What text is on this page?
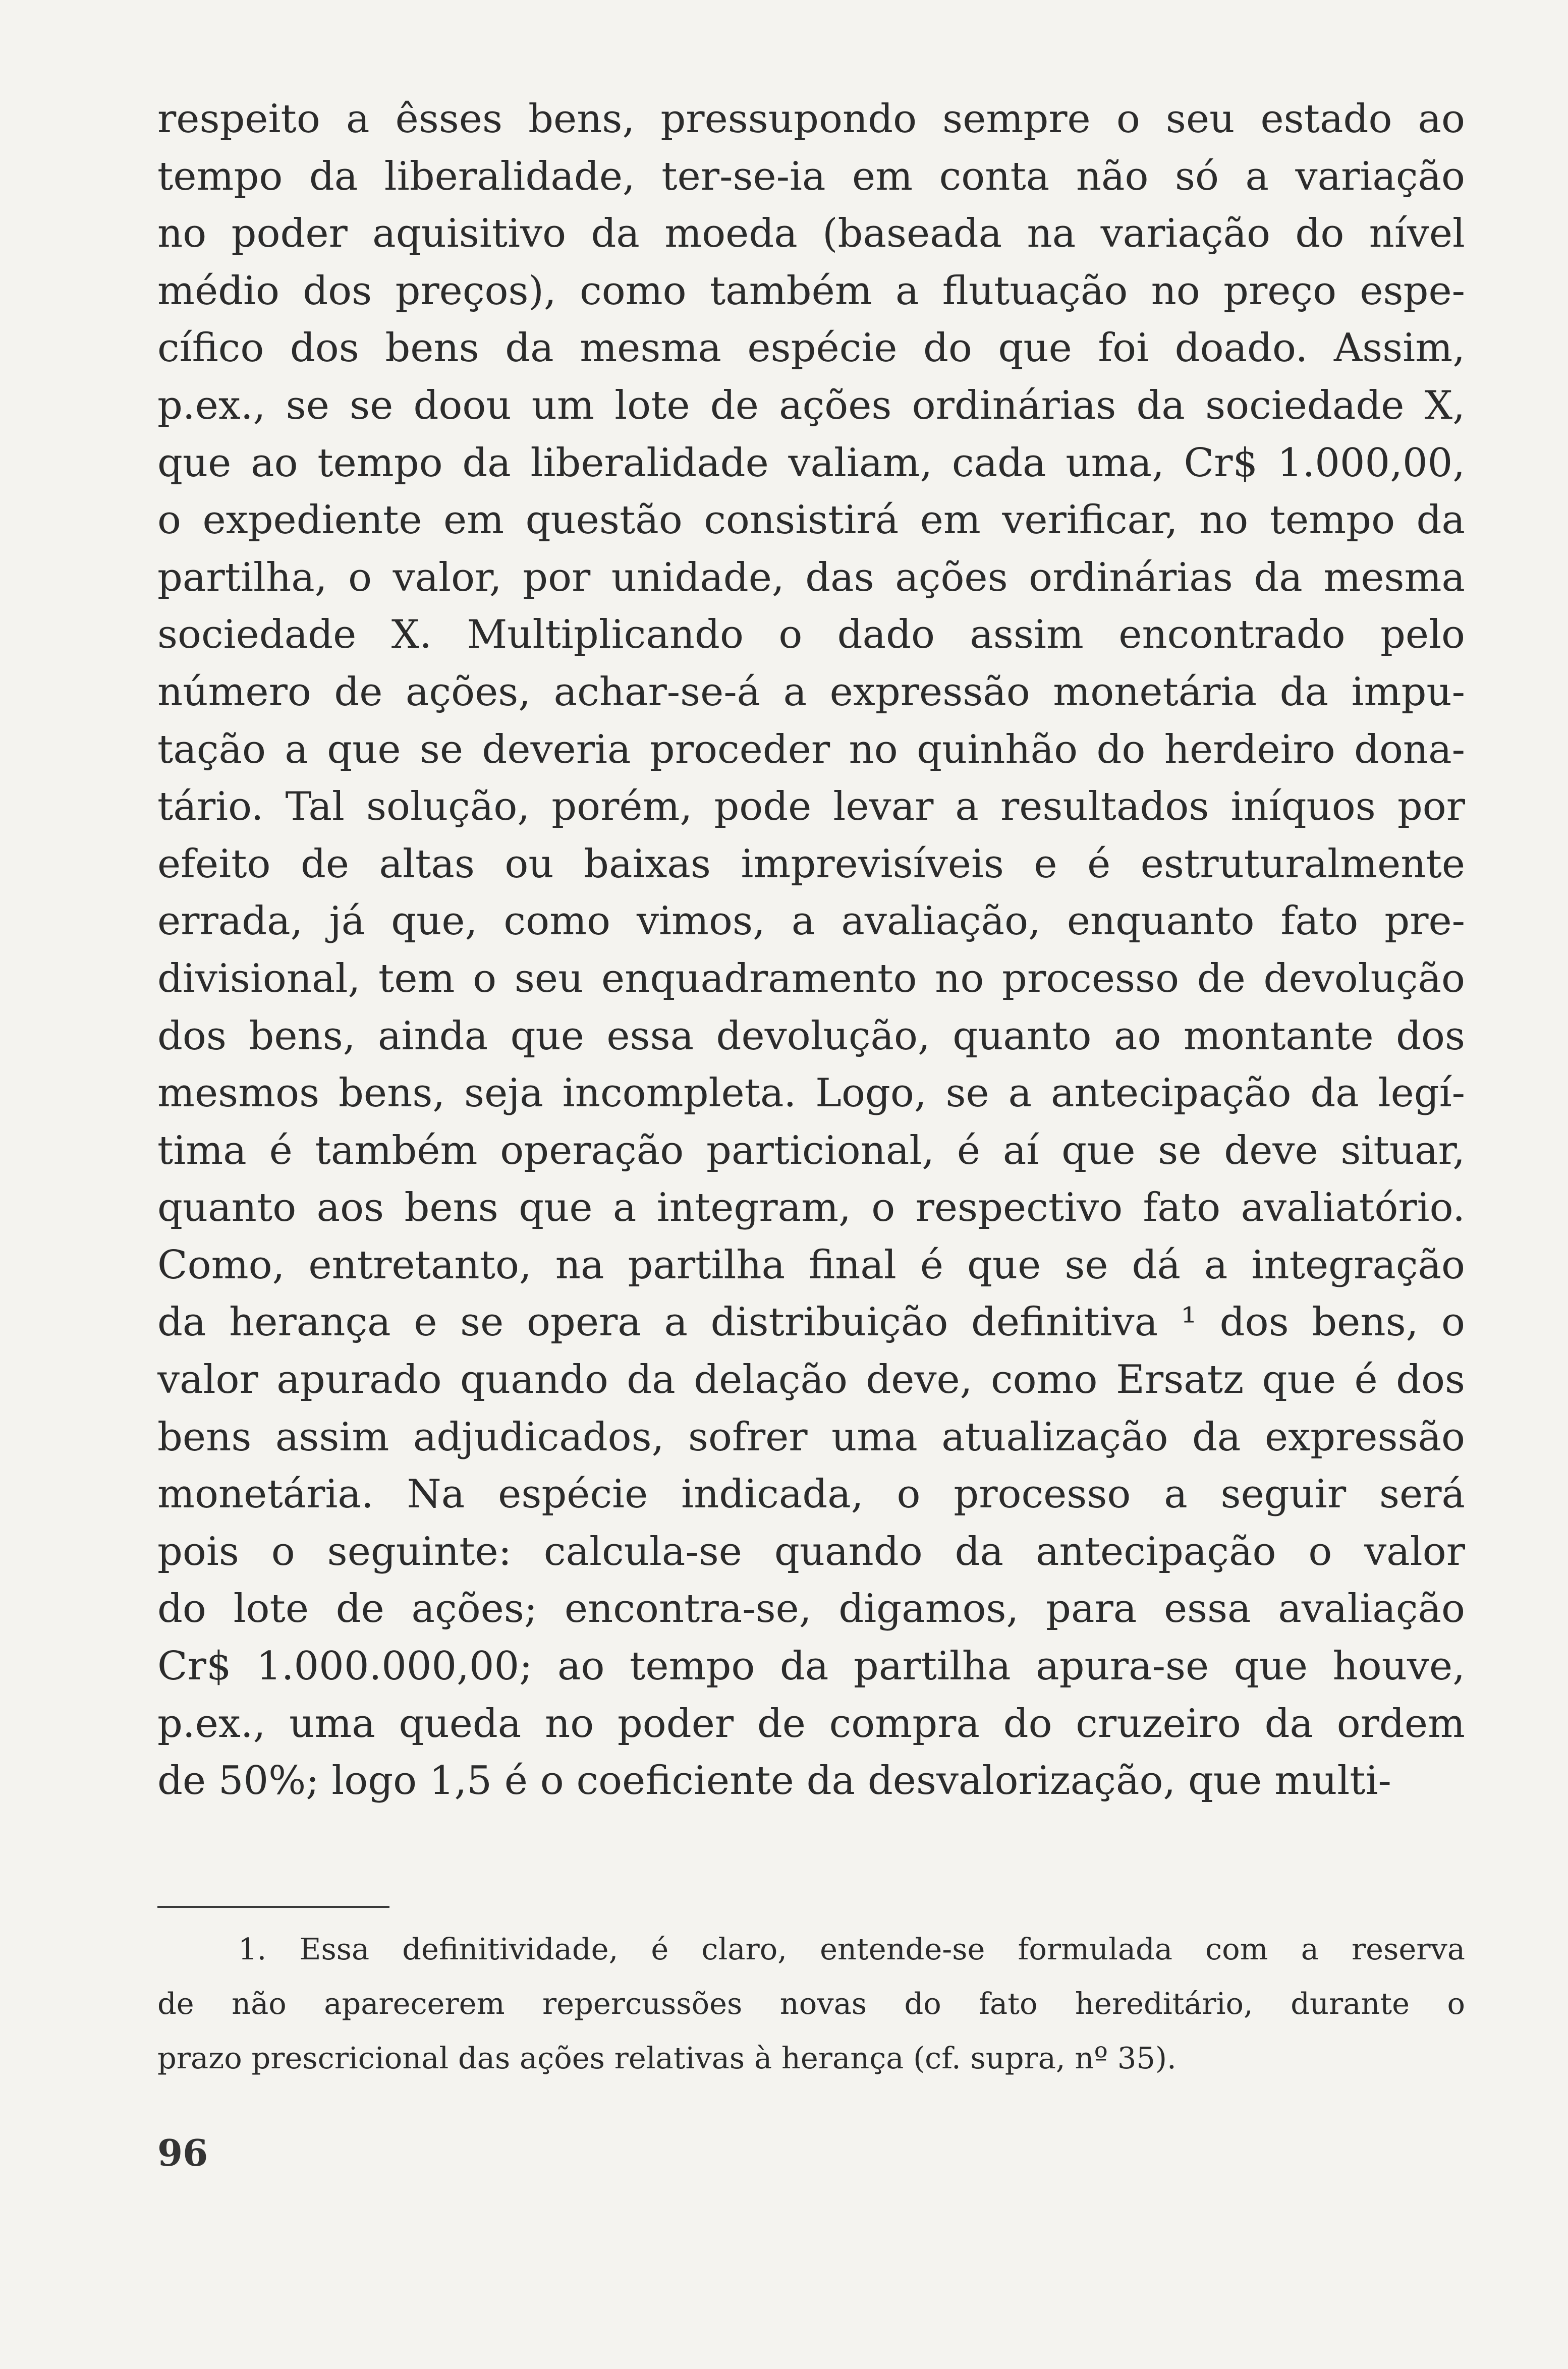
respeito a êsses bens, pressupondo sempre o seu estado ao
tempo da liberalidade, ter-se-ia em conta não só a variação
no poder aquisitivo da moeda (baseada na variação do nível
médio dos preços), como também a flutuação no preço espe-
cífico dos bens da mesma espécie do que foi doado. Assim,
p.ex., se se doou um lote de ações ordinárias da sociedade X,
que ao tempo da liberalidade valiam, cada uma, Cr$ 1.000,00,
o expediente em questão consistirá em verificar, no tempo da
partilha, o valor, por unidade, das ações ordinárias da mesma
sociedade X. Multiplicando o dado assim encontrado pelo
número de ações, achar-se-á a expressão monetária da impu-
tação a que se deveria proceder no quinhão do herdeiro dona-
tário. Tal solução, porém, pode levar a resultados iníquos por
efeito de altas ou baixas imprevisíveis e é estruturalmente
errada, já que, como vimos, a avaliação, enquanto fato pre-
divisional, tem o seu enquadramento no processo de devolução
dos bens, ainda que essa devolução, quanto ao montante dos
mesmos bens, seja incompleta. Logo, se a antecipação da legí-
tima é também operação particional, é aí que se deve situar,
quanto aos bens que a integram, o respectivo fato avaliatório.
Como, entretanto, na partilha final é que se dá a integração
da herança e se opera a distribuição definitiva ¹ dos bens, o
valor apurado quando da delação deve, como Ersatz que é dos
bens assim adjudicados, sofrer uma atualização da expressão
monetária. Na espécie indicada, o processo a seguir será
pois o seguinte: calcula-se quando da antecipação o valor
do lote de ações; encontra-se, digamos, para essa avaliação
Cr$ 1.000.000,00; ao tempo da partilha apura-se que houve,
p.ex., uma queda no poder de compra do cruzeiro da ordem
de 50%; logo 1,5 é o coeficiente da desvalorização, que multi-
1. Essa definitividade, é claro, entende-se formulada com a reserva
de não aparecerem repercussões novas do fato hereditário, durante o
prazo prescricional das ações relativas à herança (cf. supra, nº 35).
96
